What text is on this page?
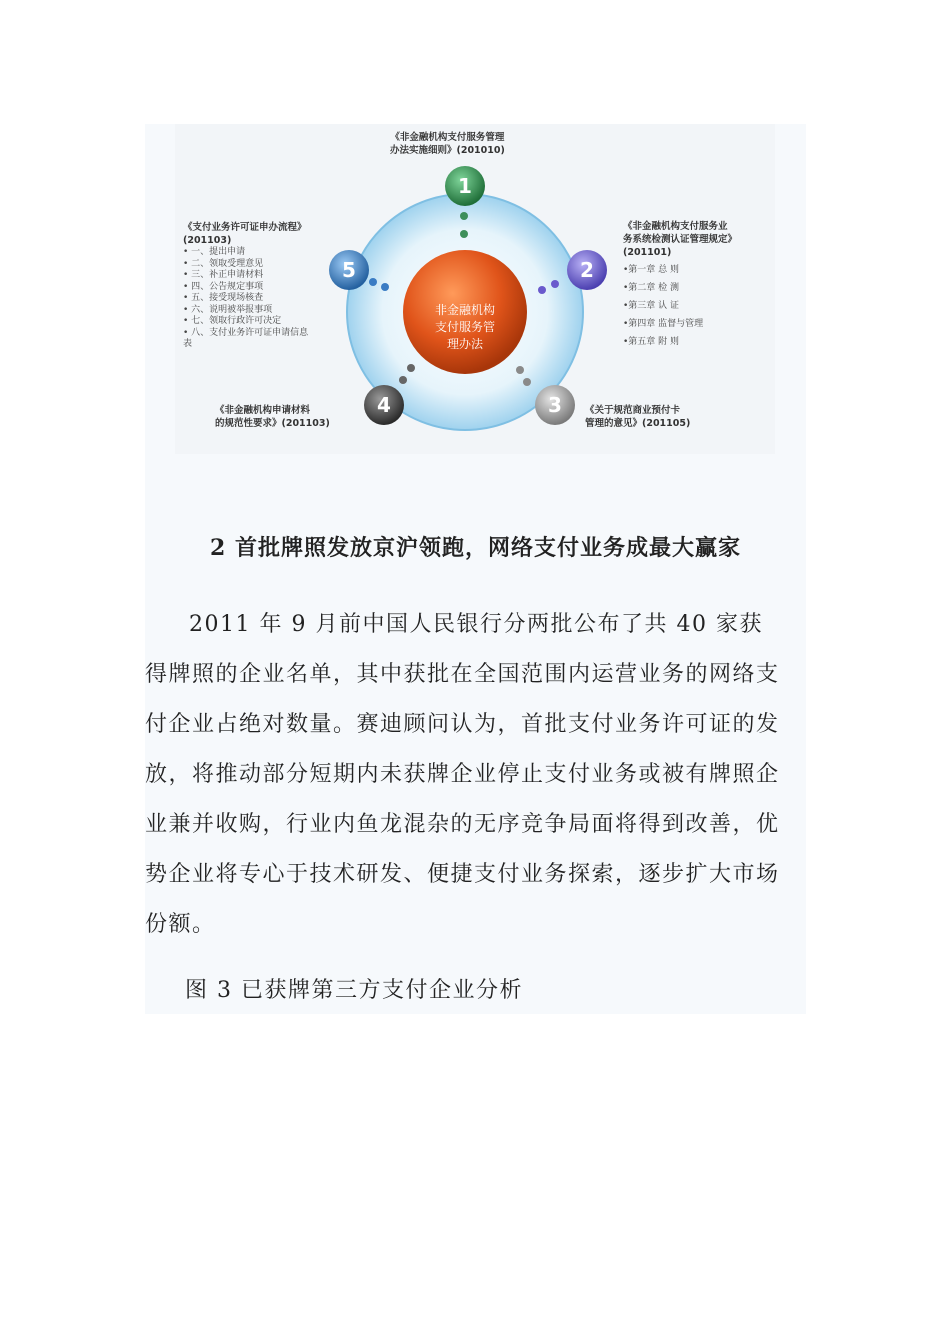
1
2
3
4
5
非金融机构
支付服务管
理办法
《非金融机构支付服务管理
办法实施细则》(201010)
《非金融机构支付服务业
务系统检测认证管理规定》
(201101)
•第一章 总 则
•第二章 检 测
•第三章 认 证
•第四章 监督与管理
•第五章 附 则
《关于规范商业预付卡
管理的意见》(201105)
《非金融机构申请材料
的规范性要求》(201103)
《支付业务许可证申办流程》
(201103)
• 一、提出申请
• 二、领取受理意见
• 三、补正申请材料
• 四、公告规定事项
• 五、接受现场核查
• 六、说明被举报事项
• 七、领取行政许可决定
• 八、支付业务许可证申请信息
表
2 首批牌照发放京沪领跑，网络支付业务成最大赢家

2011 年 9 月前中国人民银行分两批公布了共 40 家获得牌照的企业名单，其中获批在全国范围内运营业务的网络支付企业占绝对数量。赛迪顾问认为，首批支付业务许可证的发放，将推动部分短期内未获牌企业停止支付业务或被有牌照企业兼并收购，行业内鱼龙混杂的无序竞争局面将得到改善，优势企业将专心于技术研发、便捷支付业务探索，逐步扩大市场份额。

图 3 已获牌第三方支付企业分析
